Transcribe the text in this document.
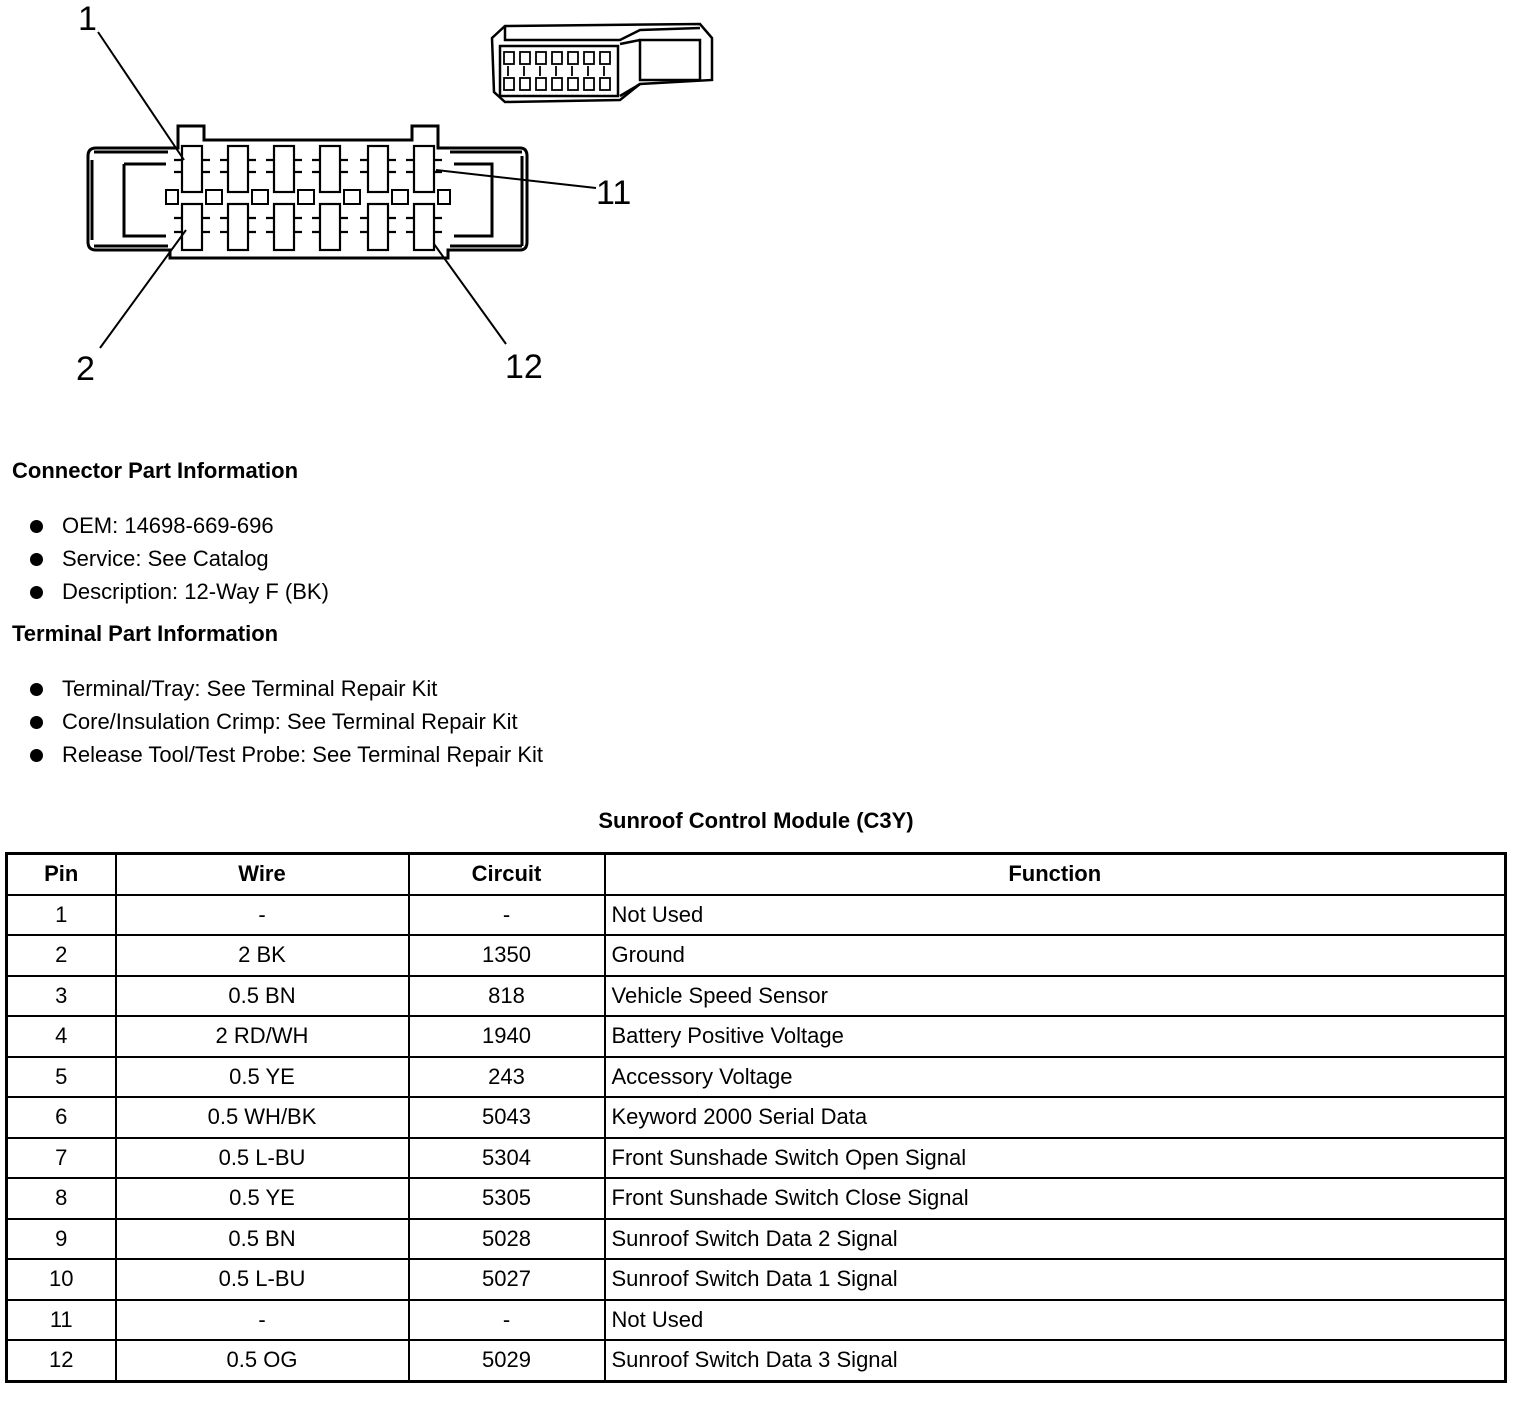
1
11
2	12
Connector Part Information
OEM: 14698-669-696
Service: See Catalog
Description: 12-Way F (BK)
Terminal Part Information
Terminal/Tray: See Terminal Repair Kit
Core/Insulation Crimp: See Terminal Repair Kit
Release Tool/Test Probe: See Terminal Repair Kit
Sunroof Control Module (C3Y)
Pin	Wire	Circuit	Function
1	-	-	Not Used
2	2 BK	1350	Ground
3	0.5 BN	818	Vehicle Speed Sensor
4	2 RD/WH	1940	Battery Positive Voltage
5	0.5 YE	243	Accessory Voltage
6	0.5 WH/BK	5043	Keyword 2000 Serial Data
7	0.5 L-BU	5304	Front Sunshade Switch Open Signal
8	0.5 YE	5305	Front Sunshade Switch Close Signal
9	0.5 BN	5028	Sunroof Switch Data 2 Signal
10	0.5 L-BU	5027	Sunroof Switch Data 1 Signal
11	-	-	Not Used
12	0.5 OG	5029	Sunroof Switch Data 3 Signal
